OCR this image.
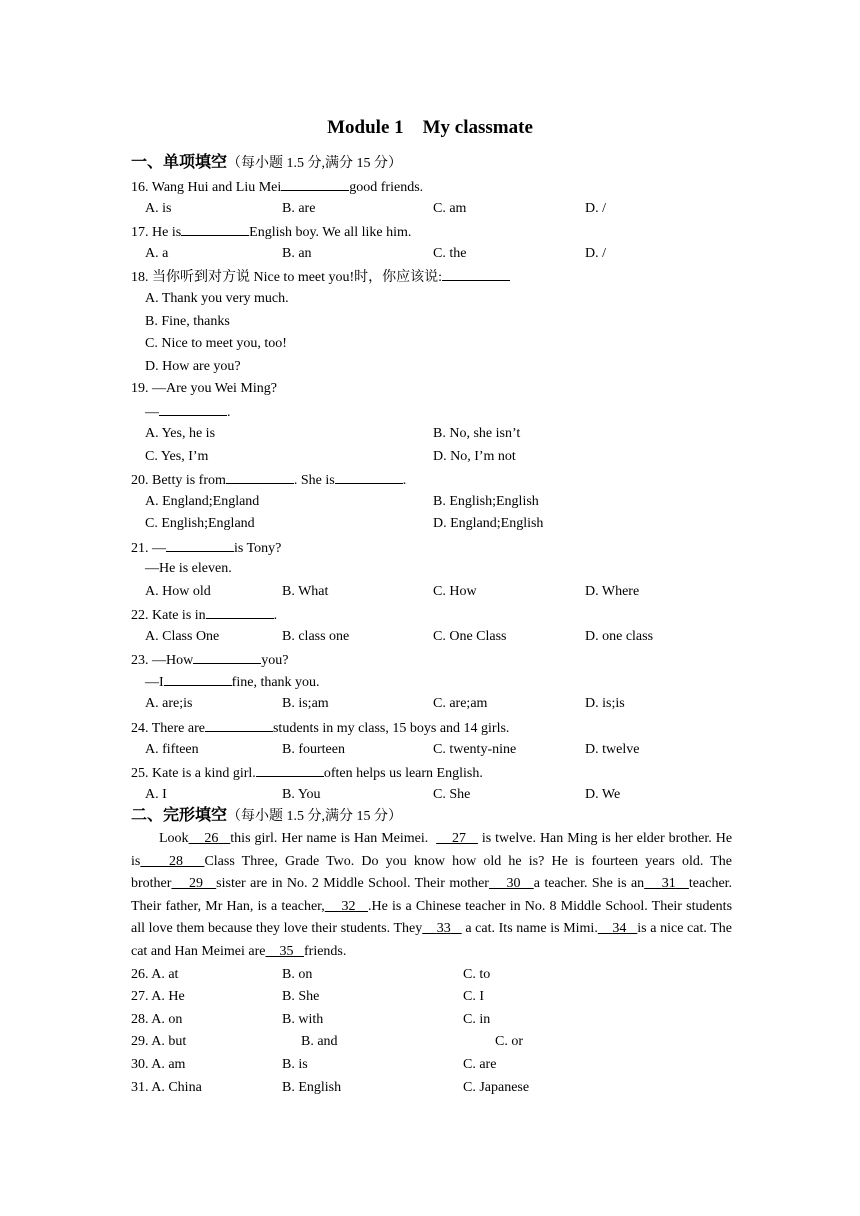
Module 1    My classmate
一、单项填空（每小题 1.5 分,满分 15 分）
16. Wang Hui and Liu Mei	good friends.
A. is	B. are	C. am	D. /
17. He is	English boy. We all like him.
A. a	B. an	C. the	D. /
18. 当你听到对方说 Nice to meet you!时，你应该说:
A. Thank you very much.
B. Fine, thanks
C. Nice to meet you, too!
D. How are you?
19. —Are you Wei Ming?
—	.
A. Yes, he is	B. No, she isn’t
C. Yes, I’m	D. No, I’m not
20. Betty is from	. She is	.
A. England;England	B. English;English
C. English;England	D. England;English
21. —	is Tony?
—He is eleven.
A. How old	B. What	C. How	D. Where
22. Kate is in	.
A. Class One	B. class one	C. One Class	D. one class
23. —How	you?
—I	fine, thank you.
A. are;is	B. is;am	C. are;am	D. is;is
24. There are	students in my class, 15 boys and 14 girls.
A. fifteen	B. fourteen	C. twenty-nine	D. twelve
25. Kate is a kind girl.	often helps us learn English.
A. I	B. You	C. She	D. We
二、完形填空（每小题 1.5 分,满分 15 分）
Look 26 this girl. Her name is Han Meimei. 27    is twelve. Han Ming is her elder brother. He is 28 Class Three, Grade Two. Do you know how old he is? He is fourteen years old. The brother 29 sister are in No. 2 Middle School. Their mother 30 a teacher. She is an 31 teacher. Their father, Mr Han, is a teacher, 32 .He is a Chinese teacher in No. 8 Middle School. Their students all love them because they love their students. They 33    a cat. Its name is Mimi. 34 is a nice cat. The cat and Han Meimei are 35 friends.
26. A. at	B. on	C. to
27. A. He	B. She	C. I
28. A. on	B. with	C. in
29. A. but	B. and	C. or
30. A. am	B. is	C. are
31. A. China	B. English	C. Japanese
